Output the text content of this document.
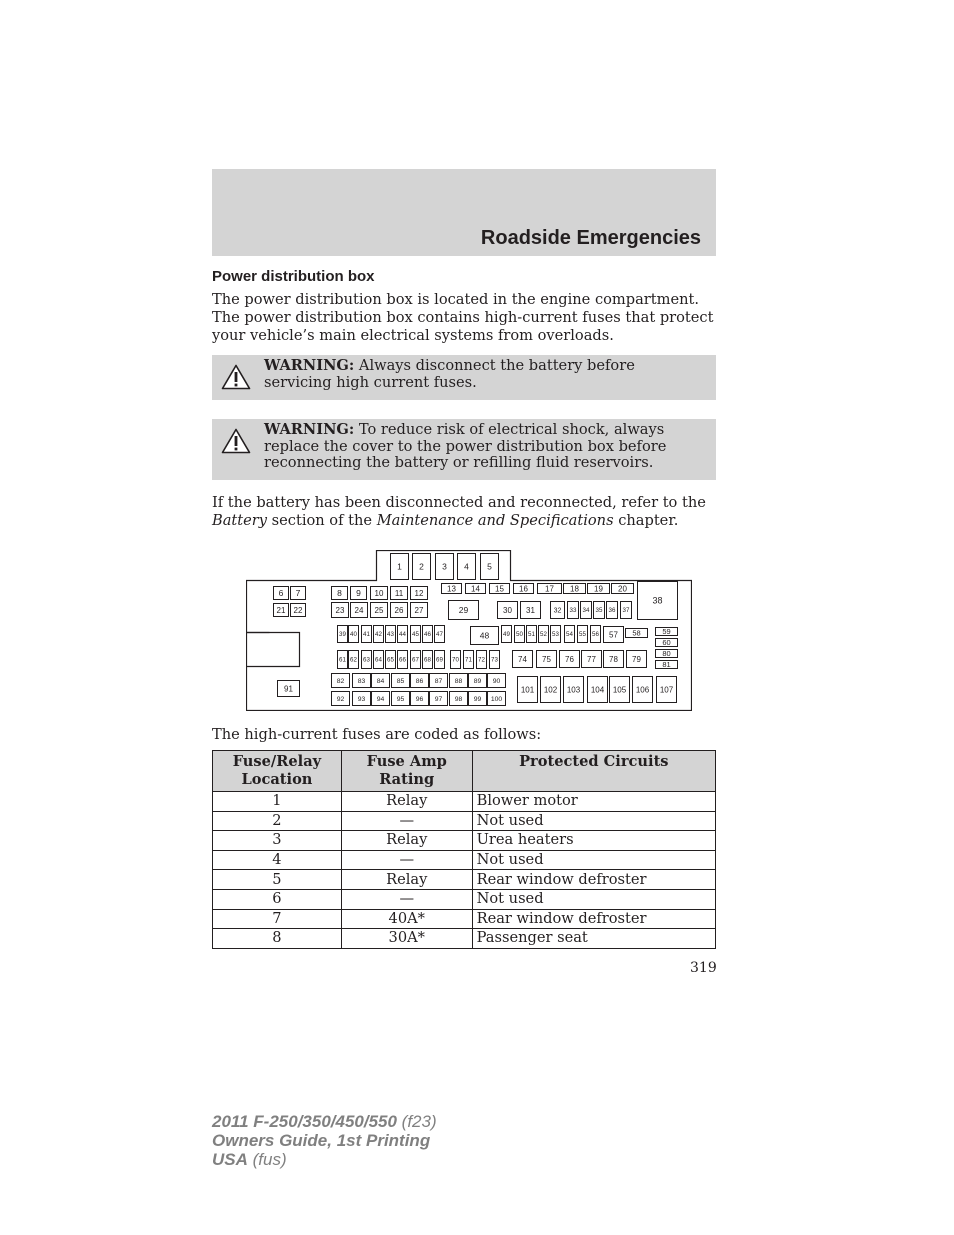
Roadside Emergencies
Power distribution box

The power distribution box is located in the engine compartment. The power distribution box contains high-current fuses that protect your vehicle’s main electrical systems from overloads.

WARNING: Always disconnect the battery before servicing high current fuses.
WARNING: To reduce risk of electrical shock, always replace the cover to the power distribution box before reconnecting the battery or refilling fluid reservoirs.

If the battery has been disconnected and reconnected, refer to the Battery section of the Maintenance and Specifications chapter.

1 2 3 4 5
6 7	8 9 10 11 12	13 14 15 16 17 18 19 20
21 22	23 24 25 26 27	29	30 31	32 33 34 35 36 37
38
39 40 41 42 43 44 45 46 47	48 49 50 51 52 53 54 55 56 57 58	59
60
61 62 63 64 65 66 67 68 69 70 71 72 73	74 75 76 77 78 79
80
81
82 83 84 85 86 87 88 89 90
91
92 93 94 95 96 97 98 99 100
101 102 103 104 105 106 107

The high-current fuses are coded as follows:

Fuse/Relay Location	Fuse Amp Rating	Protected Circuits
1	Relay	Blower motor
2	—	Not used
3	Relay	Urea heaters
4	—	Not used
5	Relay	Rear window defroster
6	—	Not used
7	40A*	Rear window defroster
8	30A*	Passenger seat
319
2011 F-250/350/450/550 (f23)
Owners Guide, 1st Printing
USA (fus)
